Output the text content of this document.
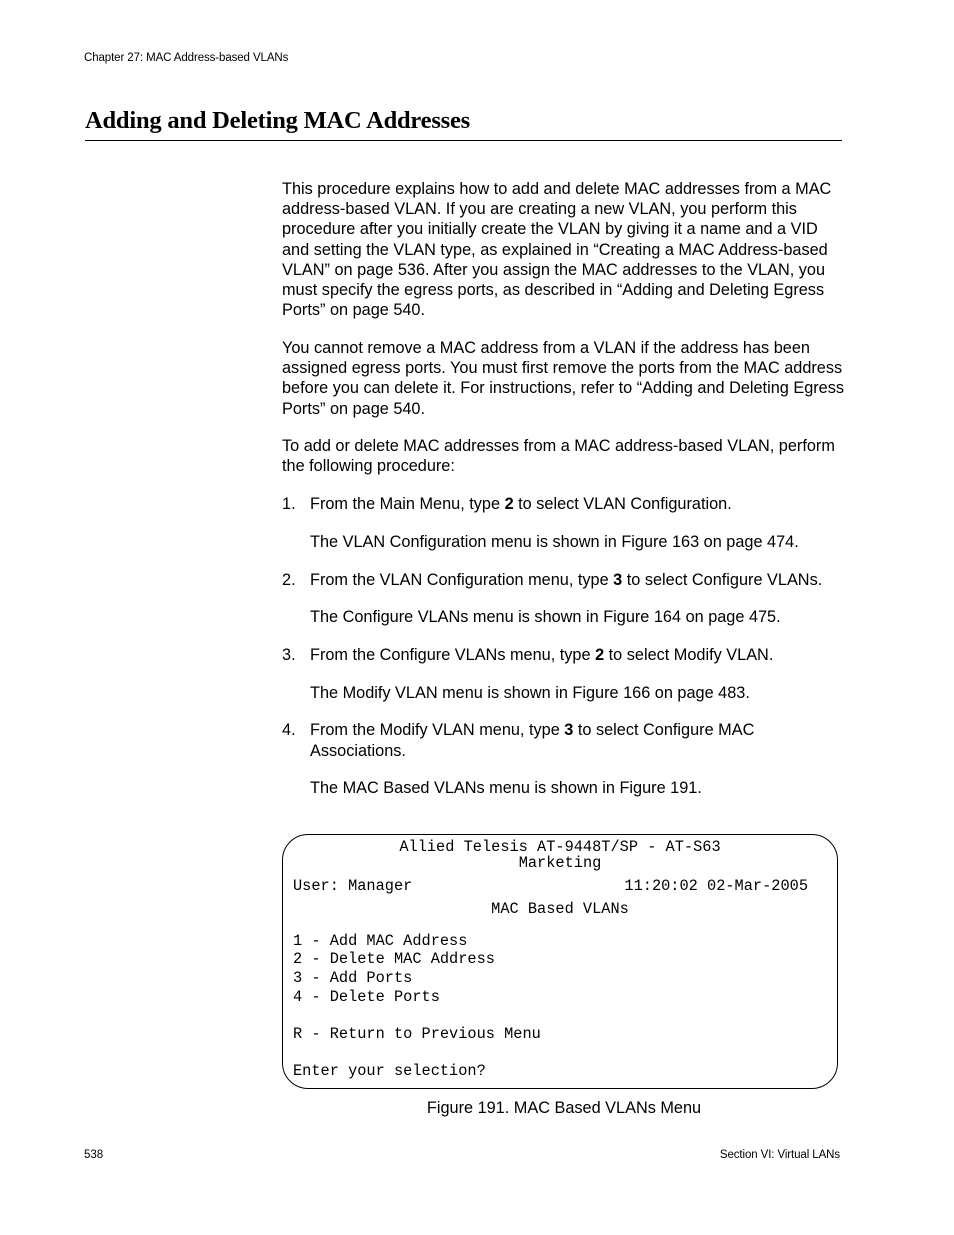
Chapter 27: MAC Address-based VLANs
Adding and Deleting MAC Addresses

This procedure explains how to add and delete MAC addresses from a MAC address-based VLAN. If you are creating a new VLAN, you perform this procedure after you initially create the VLAN by giving it a name and a VID and setting the VLAN type, as explained in “Creating a MAC Address-based VLAN” on page 536. After you assign the MAC addresses to the VLAN, you must specify the egress ports, as described in “Adding and Deleting Egress Ports” on page 540.

You cannot remove a MAC address from a VLAN if the address has been assigned egress ports. You must first remove the ports from the MAC address before you can delete it. For instructions, refer to “Adding and Deleting Egress Ports” on page 540.

To add or delete MAC addresses from a MAC address-based VLAN, perform the following procedure:

1 . From the Main Menu, type 2 to select VLAN Configuration.
The VLAN Configuration menu is shown in Figure 163 on page 474.
2 . From the VLAN Configuration menu, type 3 to select Configure VLANs.
The Configure VLANs menu is shown in Figure 164 on page 475.
3 . From the Configure VLANs menu, type 2 to select Modify VLAN.
The Modify VLAN menu is shown in Figure 166 on page 483.
4 . From the Modify VLAN menu, type 3 to select Configure MAC Associations.
The MAC Based VLANs menu is shown in Figure 191.
Allied Telesis AT-9448T/SP - AT-S63
Marketing
User: Manager	11:20:02 02-Mar-2005
MAC Based VLANs
1 - Add MAC Address
2 - Delete MAC Address
3 - Add Ports
4 - Delete Ports
R - Return to Previous Menu
Enter your selection?
Figure 191. MAC Based VLANs Menu
538	Section VI: Virtual LANs
